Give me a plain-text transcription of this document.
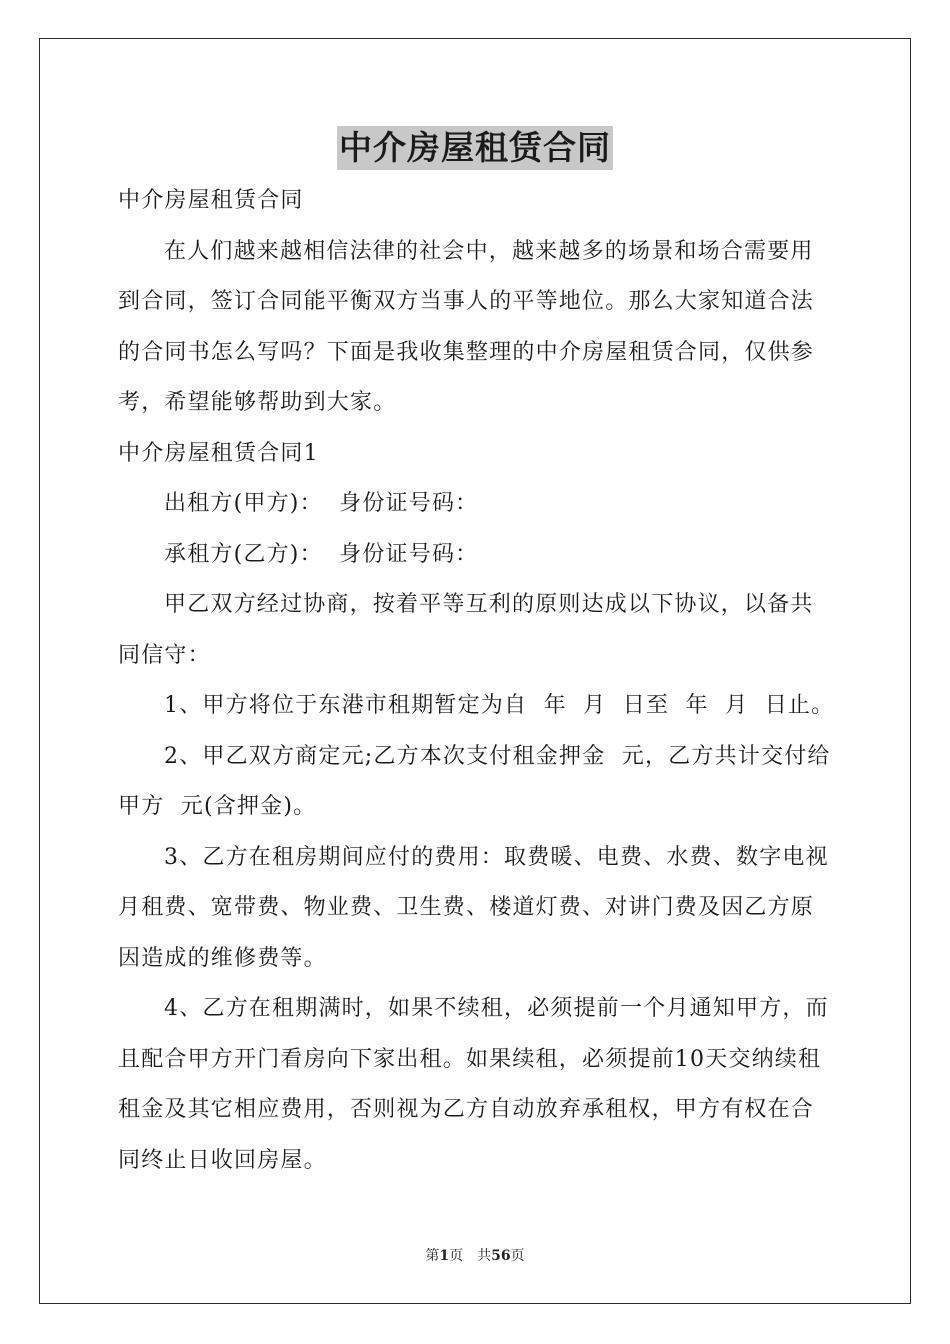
中介房屋租赁合同

中介房屋租赁合同

在人们越来越相信法律的社会中，越来越多的场景和场合需要用到合同，签订合同能平衡双方当事人的平等地位。那么大家知道合法的合同书怎么写吗？下面是我收集整理的中介房屋租赁合同，仅供参考，希望能够帮助到大家。

中介房屋租赁合同1

出租方(甲方)：  身份证号码：

承租方(乙方)：  身份证号码：

甲乙双方经过协商，按着平等互利的原则达成以下协议，以备共同信守：

1、甲方将位于东港市租期暂定为自  年  月  日至  年  月  日止。

2、甲乙双方商定元;乙方本次支付租金押金  元，乙方共计交付给甲方  元(含押金)。

3、乙方在租房期间应付的费用：取费暖、电费、水费、数字电视月租费、宽带费、物业费、卫生费、楼道灯费、对讲门费及因乙方原因造成的维修费等。

4、乙方在租期满时，如果不续租，必须提前一个月通知甲方，而且配合甲方开门看房向下家出租。如果续租，必须提前10天交纳续租租金及其它相应费用，否则视为乙方自动放弃承租权，甲方有权在合同终止日收回房屋。

第1页　共56页
